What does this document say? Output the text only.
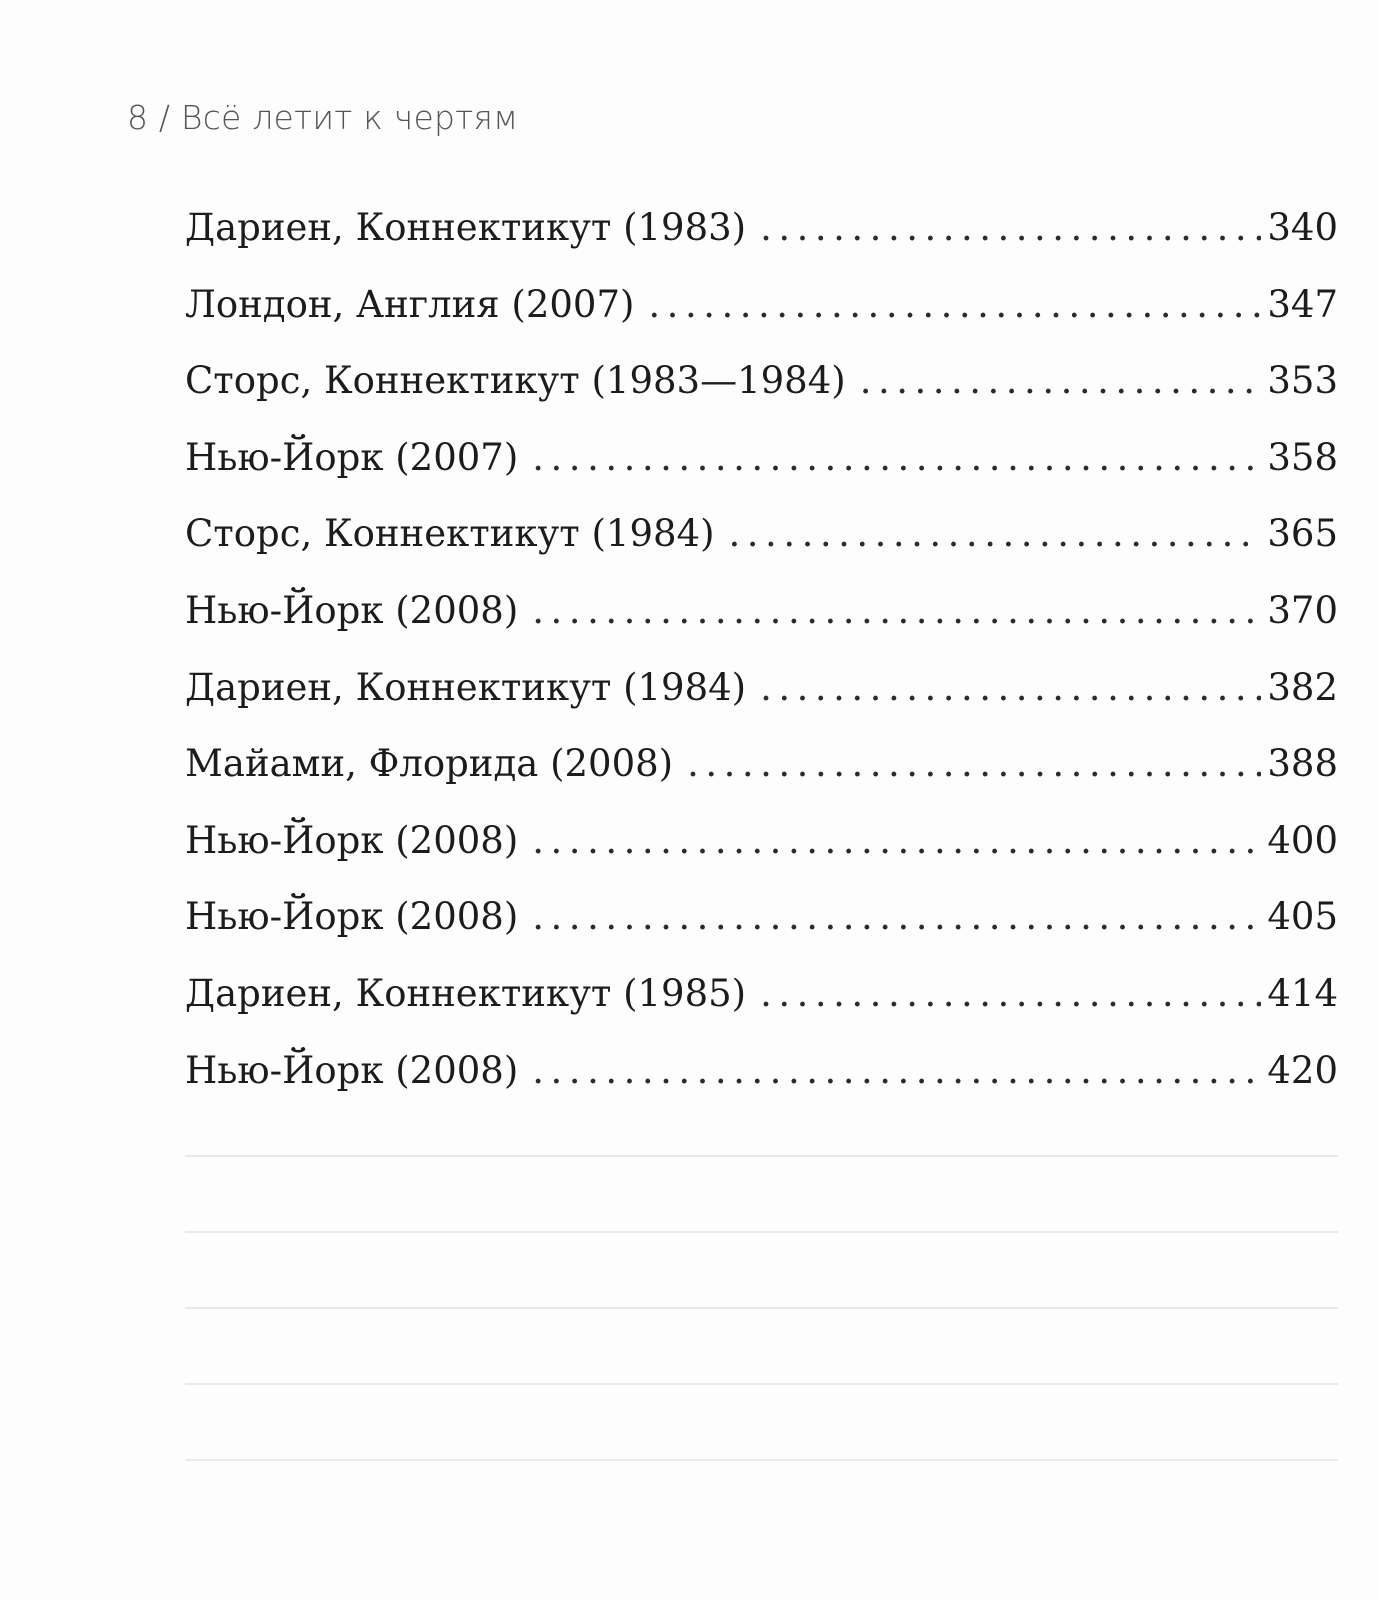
8 / Всё летит к чертям
Дариен, Коннектикут (1983) .....	340
Лондон, Англия (2007) .....	347
Сторс, Коннектикут (1983—1984) .....	353
Нью-Йорк (2007) .....	358
Сторс, Коннектикут (1984) .....	365
Нью-Йорк (2008) .....	370
Дариен, Коннектикут (1984) .....	382
Майами, Флорида (2008) .....	388
Нью-Йорк (2008) .....	400
Нью-Йорк (2008) .....	405
Дариен, Коннектикут (1985) .....	414
Нью-Йорк (2008) .....	420
